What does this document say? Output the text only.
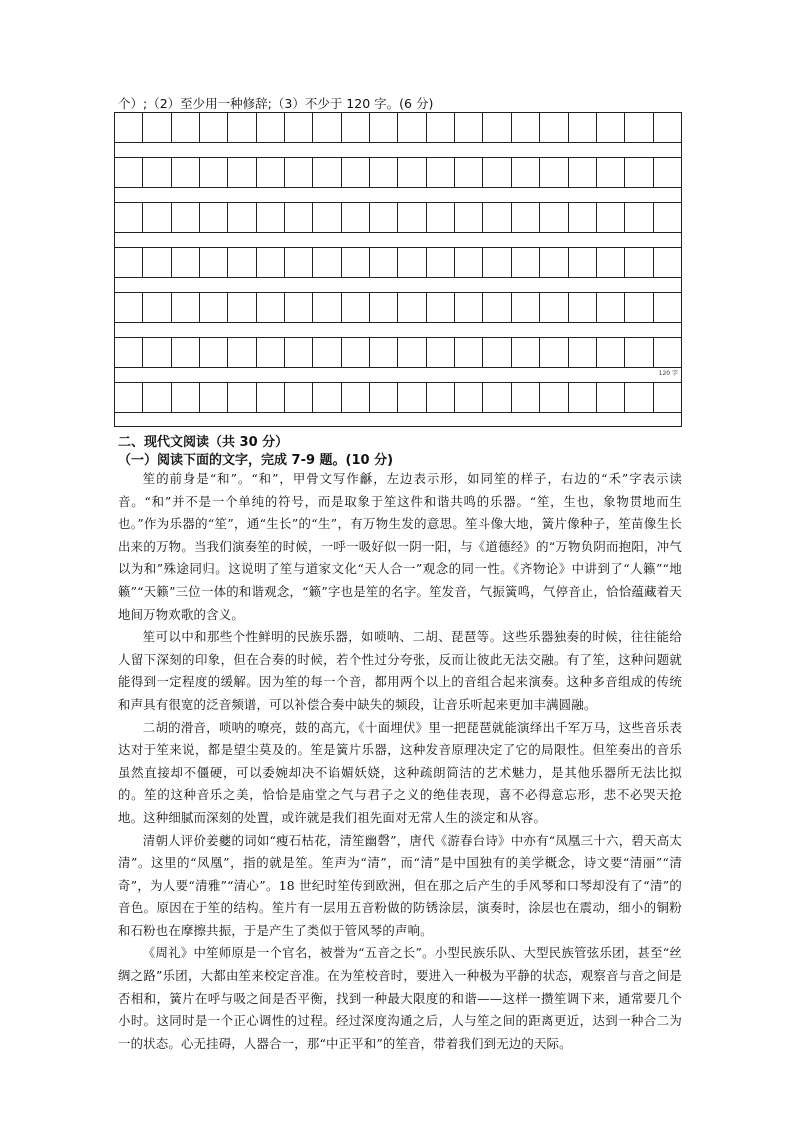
个）;（2）至少用一种修辞;（3）不少于 120 字。(6 分)
120 字
二、现代文阅读（共 30 分）
（一）阅读下面的文字，完成 7-9 题。(10 分)

笙的前身是“和”。“和”，甲骨文写作龢，左边表示形，如同笙的样子，右边的“禾”字表示读音。“和”并不是一个单纯的符号，而是取象于笙这件和谐共鸣的乐器。“笙，生也，象物贯地而生也。”作为乐器的“笙”，通“生长”的“生”，有万物生发的意思。笙斗像大地，簧片像种子，笙苗像生长出来的万物。当我们演奏笙的时候，一呼一吸好似一阴一阳，与《道德经》的“万物负阴而抱阳，冲气以为和”殊途同归。这说明了笙与道家文化“天人合一”观念的同一性。《齐物论》中讲到了“人籁”“地籁”“天籁”三位一体的和谐观念，“籁”字也是笙的名字。笙发音，气振簧鸣，气停音止，恰恰蕴藏着天地间万物欢歌的含义。

笙可以中和那些个性鲜明的民族乐器，如唢呐、二胡、琵琶等。这些乐器独奏的时候，往往能给人留下深刻的印象，但在合奏的时候，若个性过分夸张，反而让彼此无法交融。有了笙，这种问题就能得到一定程度的缓解。因为笙的每一个音，都用两个以上的音组合起来演奏。这种多音组成的传统和声具有很宽的泛音频谱，可以补偿合奏中缺失的频段，让音乐听起来更加丰满圆融。

二胡的滑音，唢呐的嘹亮，鼓的高亢，《十面埋伏》里一把琵琶就能演绎出千军万马，这些音乐表达对于笙来说，都是望尘莫及的。笙是簧片乐器，这种发音原理决定了它的局限性。但笙奏出的音乐虽然直接却不僵硬，可以委婉却决不谄媚妖娆，这种疏朗简洁的艺术魅力，是其他乐器所无法比拟的。笙的这种音乐之美，恰恰是庙堂之气与君子之义的绝佳表现，喜不必得意忘形，悲不必哭天抢地。这种细腻而深刻的处置，或许就是我们祖先面对无常人生的淡定和从容。

清朝人评价姜夔的词如“瘦石枯花，清笙幽磬”，唐代《游春台诗》中亦有“凤凰三十六，碧天高太清”。这里的“凤凰”，指的就是笙。笙声为“清”，而“清”是中国独有的美学概念，诗文要“清丽”“清奇”，为人要“清雅”“清心”。18 世纪时笙传到欧洲，但在那之后产生的手风琴和口琴却没有了“清”的音色。原因在于笙的结构。笙片有一层用五音粉做的防锈涂层，演奏时，涂层也在震动，细小的铜粉和石粉也在摩擦共振，于是产生了类似于管风琴的声响。

《周礼》中笙师原是一个官名，被誉为“五音之长”。小型民族乐队、大型民族管弦乐团，甚至“丝绸之路”乐团，大都由笙来校定音准。在为笙校音时，要进入一种极为平静的状态，观察音与音之间是否相和，簧片在呼与吸之间是否平衡，找到一种最大限度的和谐——这样一攒笙调下来，通常要几个小时。这同时是一个正心调性的过程。经过深度沟通之后，人与笙之间的距离更近，达到一种合二为一的状态。心无挂碍，人器合一，那“中正平和”的笙音，带着我们到无边的天际。
